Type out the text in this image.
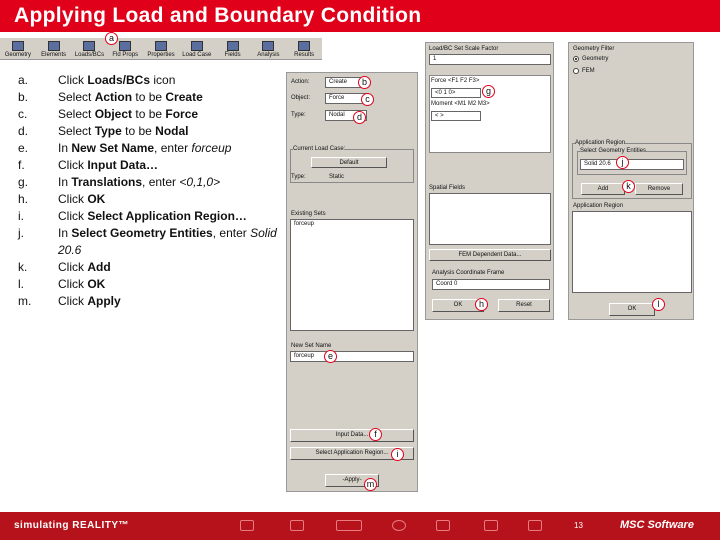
Applying Load and Boundary Condition
Geometry Elements Loads/BCs Fld Props Properties Load Case Fields	Analysis Results
a
a.	Click Loads/BCs icon
b.	Select Action to be Create
c.	Select Object to be Force
d.	Select Type to be Nodal
e.	In New Set Name, enter forceup
f.	Click Input Data…
g.	In Translations, enter <0,1,0>
h.	Click OK
i.	Click Select Application Region…
j.	In Select Geometry Entities, enter Solid 20.6
k.	Click Add
l.	Click OK
m.	Click Apply
Action:	Create
Object:	Force
Type:	Nodal
Current Load Case:
Default
Type:	Static
Existing Sets
forceup
New Set Name
forceup
Input Data...
Select Application Region...
-Apply-
Load/BC Set Scale Factor
1
Force <F1 F2 F3>
<0 1 0>
Moment <M1 M2 M3>
< >
Spatial Fields
FEM Dependent Data...
Analysis Coordinate Frame
Coord 0
OK	Reset
Geometry Filter
Geometry
FEM
Application Region
Select Geometry Entities
Solid 20.6
Add	Remove
Application Region
OK
b
c
d
e
f
g
h
i
j
k
l
m
simulating REALITY™	13	MSC Software
